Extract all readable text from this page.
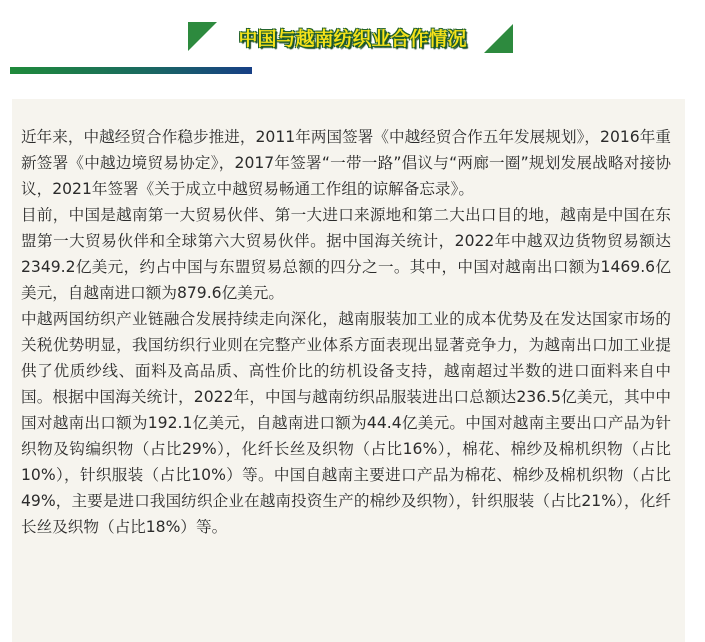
中国与越南纺织业合作情况

近年来，中越经贸合作稳步推进，2011年两国签署《中越经贸合作五年发展规划》，2016年重新签署《中越边境贸易协定》，2017年签署“一带一路”倡议与“两廊一圈”规划发展战略对接协议，2021年签署《关于成立中越贸易畅通工作组的谅解备忘录》。

目前，中国是越南第一大贸易伙伴、第一大进口来源地和第二大出口目的地，越南是中国在东盟第一大贸易伙伴和全球第六大贸易伙伴。据中国海关统计，2022年中越双边货物贸易额达2349.2亿美元，约占中国与东盟贸易总额的四分之一。其中，中国对越南出口额为1469.6亿美元，自越南进口额为879.6亿美元。

中越两国纺织产业链融合发展持续走向深化，越南服装加工业的成本优势及在发达国家市场的关税优势明显，我国纺织行业则在完整产业体系方面表现出显著竞争力，为越南出口加工业提供了优质纱线、面料及高品质、高性价比的纺机设备支持，越南超过半数的进口面料来自中国。根据中国海关统计，2022年，中国与越南纺织品服装进出口总额达236.5亿美元，其中中国对越南出口额为192.1亿美元，自越南进口额为44.4亿美元。中国对越南主要出口产品为针织物及钩编织物（占比29%），化纤长丝及织物（占比16%），棉花、棉纱及棉机织物（占比10%），针织服装（占比10%）等。中国自越南主要进口产品为棉花、棉纱及棉机织物（占比49%，主要是进口我国纺织企业在越南投资生产的棉纱及织物），针织服装（占比21%），化纤长丝及织物（占比18%）等。
